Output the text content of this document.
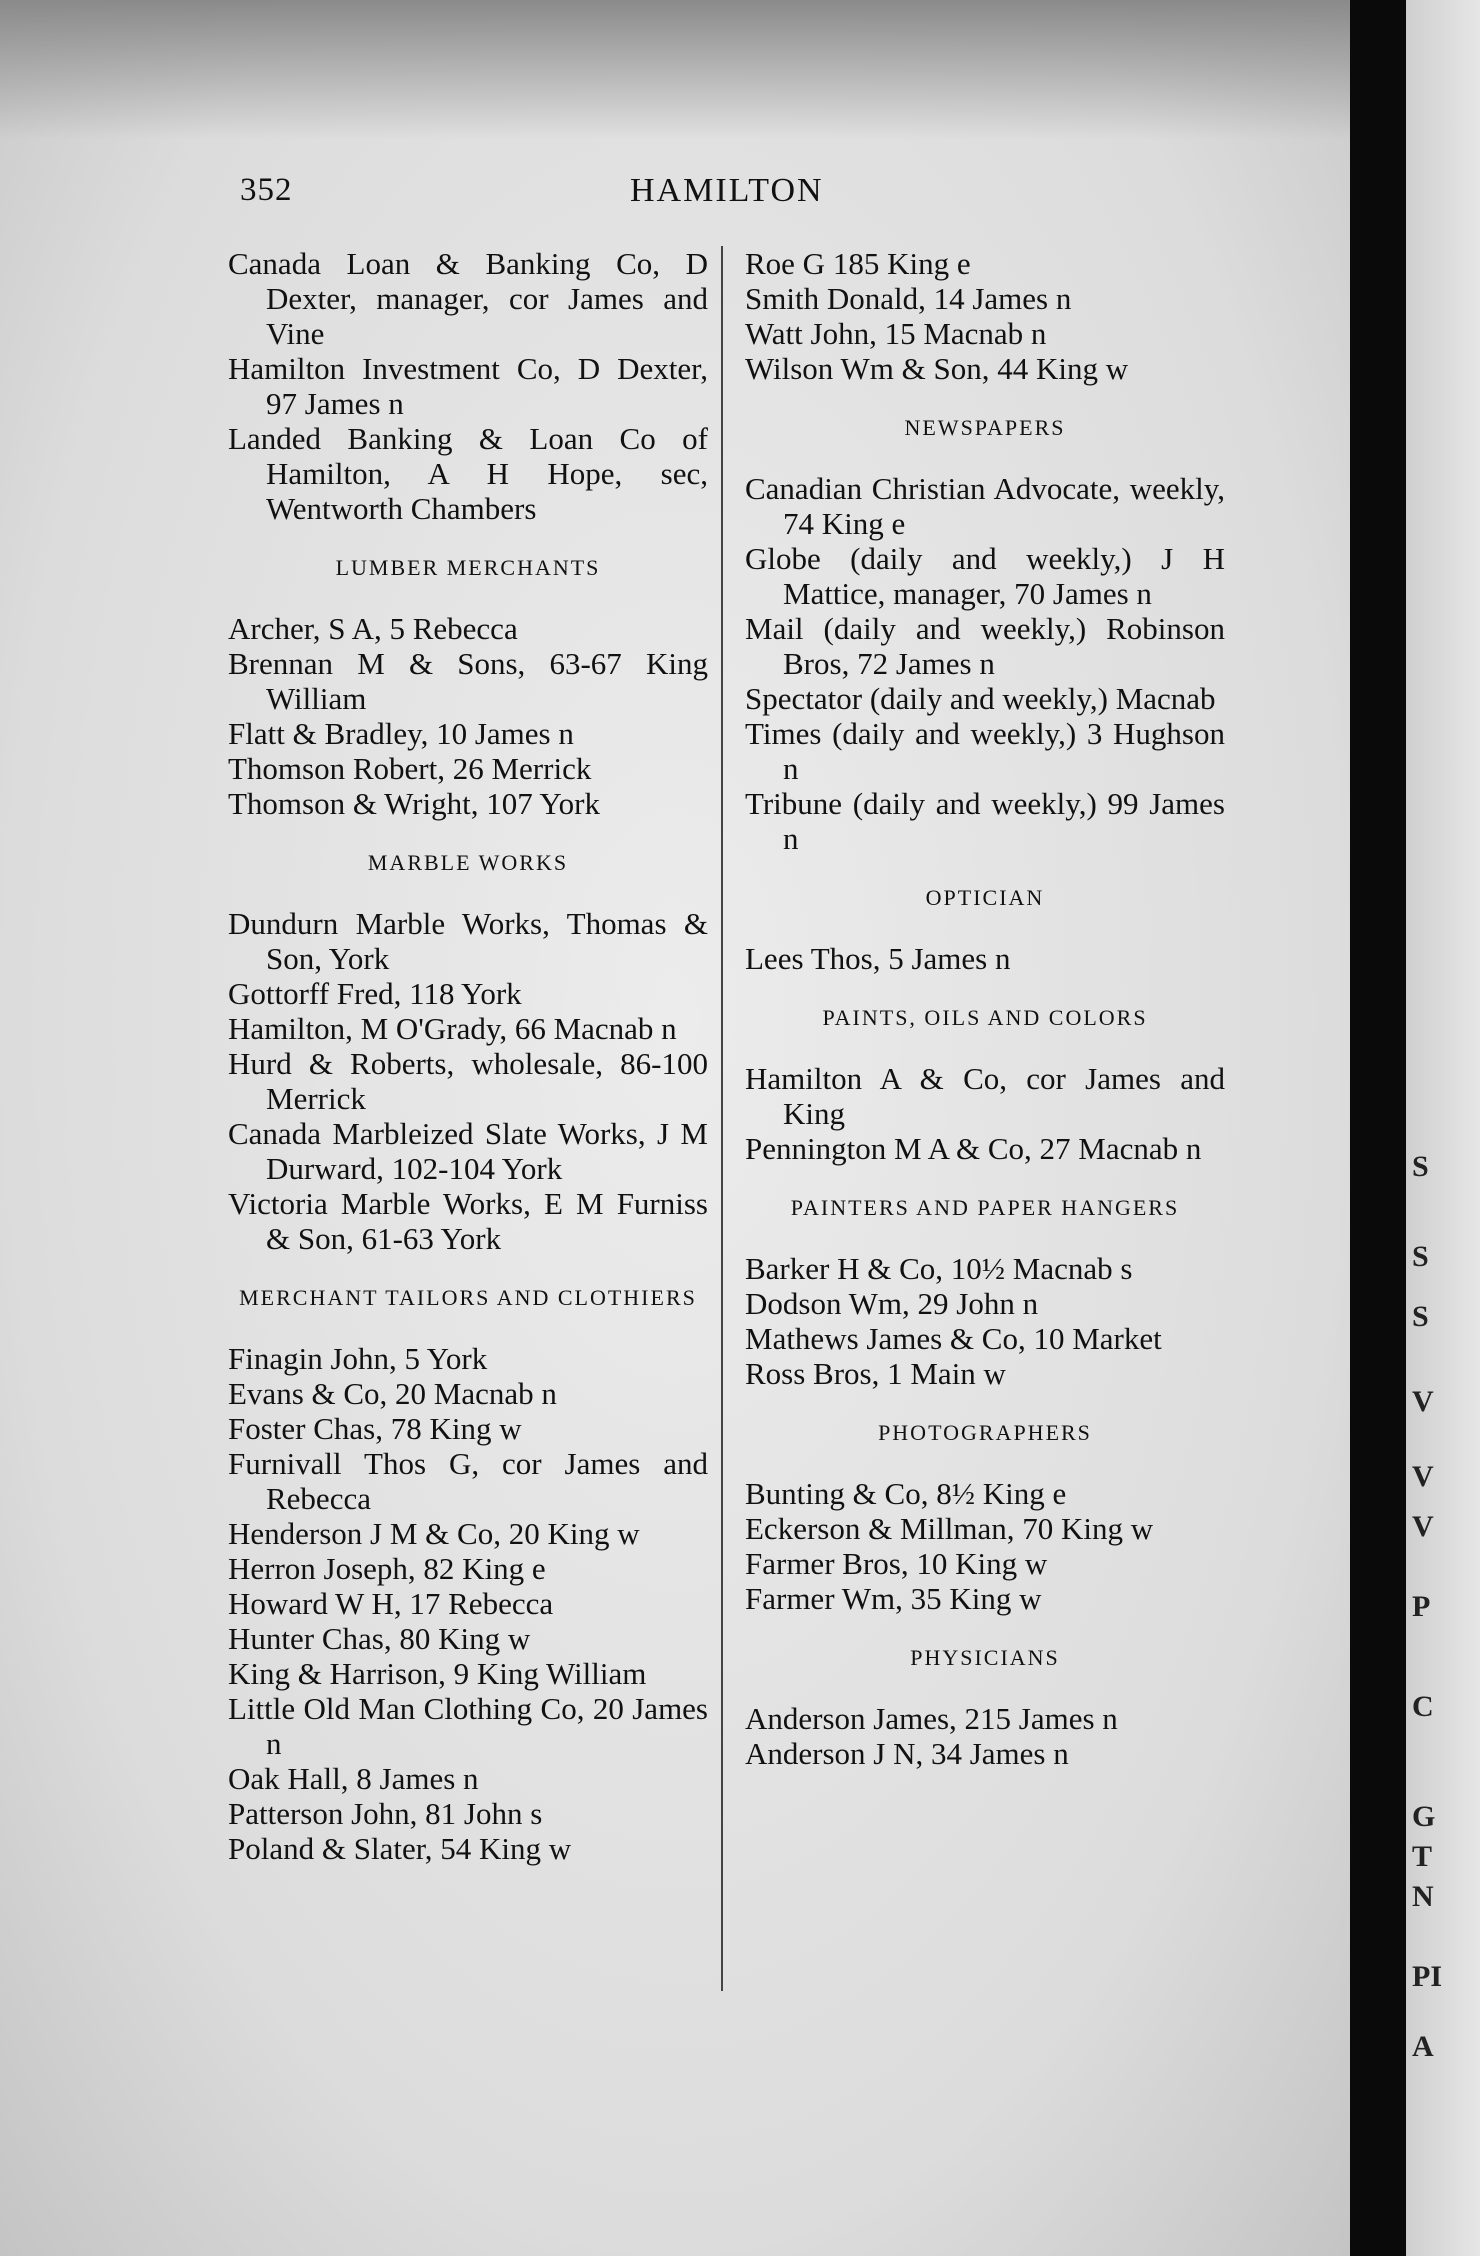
352	HAMILTON

Canada Loan & Banking Co, D Dexter, manager, cor James and Vine

Hamilton Investment Co, D Dexter, 97 James n

Landed Banking & Loan Co of Hamilton, A H Hope, sec, Wentworth Chambers

LUMBER MERCHANTS

Archer, S A, 5 Rebecca

Brennan M & Sons, 63-67 King William

Flatt & Bradley, 10 James n

Thomson Robert, 26 Merrick

Thomson & Wright, 107 York

MARBLE WORKS

Dundurn Marble Works, Thomas & Son, York

Gottorff Fred, 118 York

Hamilton, M O'Grady, 66 Macnab n

Hurd & Roberts, wholesale, 86-100 Merrick

Canada Marbleized Slate Works, J M Durward, 102-104 York

Victoria Marble Works, E M Furniss & Son, 61-63 York

MERCHANT TAILORS AND CLOTHIERS

Finagin John, 5 York

Evans & Co, 20 Macnab n

Foster Chas, 78 King w

Furnivall Thos G, cor James and Rebecca

Henderson J M & Co, 20 King w

Herron Joseph, 82 King e

Howard W H, 17 Rebecca

Hunter Chas, 80 King w

King & Harrison, 9 King William

Little Old Man Clothing Co, 20 James n

Oak Hall, 8 James n

Patterson John, 81 John s

Poland & Slater, 54 King w

Roe G 185 King e

Smith Donald, 14 James n

Watt John, 15 Macnab n

Wilson Wm & Son, 44 King w

NEWSPAPERS

Canadian Christian Advocate, weekly, 74 King e

Globe (daily and weekly,) J H Mattice, manager, 70 James n

Mail (daily and weekly,) Robinson Bros, 72 James n

Spectator (daily and weekly,) Macnab

Times (daily and weekly,) 3 Hughson n

Tribune (daily and weekly,) 99 James n

OPTICIAN

Lees Thos, 5 James n

PAINTS, OILS AND COLORS

Hamilton A & Co, cor James and King

Pennington M A & Co, 27 Macnab n

PAINTERS AND PAPER HANGERS

Barker H & Co, 10½ Macnab s

Dodson Wm, 29 John n

Mathews James & Co, 10 Market

Ross Bros, 1 Main w

PHOTOGRAPHERS

Bunting & Co, 8½ King e

Eckerson & Millman, 70 King w

Farmer Bros, 10 King w

Farmer Wm, 35 King w

PHYSICIANS

Anderson James, 215 James n

Anderson J N, 34 James n

S
S
S
V
V
V
P
C
G
T
N
PI
A
